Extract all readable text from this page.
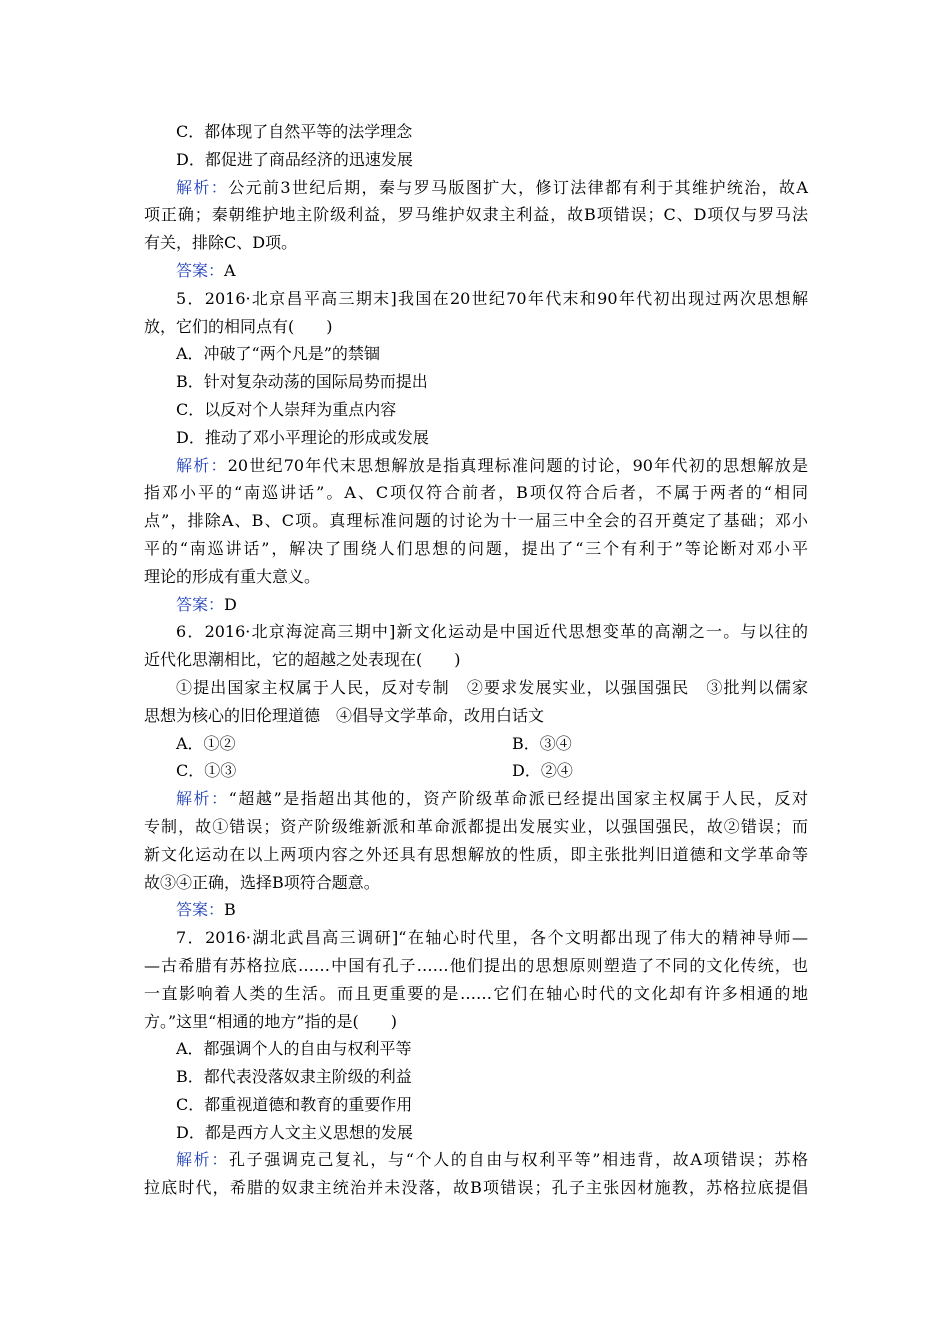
C．都体现了自然平等的法学理念
D．都促进了商品经济的迅速发展
解析：公元前3世纪后期，秦与罗马版图扩大，修订法律都有利于其维护统治，故A
项正确；秦朝维护地主阶级利益，罗马维护奴隶主利益，故B项错误；C、D项仅与罗马法
有关，排除C、D项。
答案：A
5．2016·北京昌平高三期末]我国在20世纪70年代末和90年代初出现过两次思想解
放，它们的相同点有(　　)
A．冲破了“两个凡是”的禁锢
B．针对复杂动荡的国际局势而提出
C．以反对个人崇拜为重点内容
D．推动了邓小平理论的形成或发展
解析：20世纪70年代末思想解放是指真理标准问题的讨论，90年代初的思想解放是
指邓小平的“南巡讲话”。A、C项仅符合前者，B项仅符合后者，不属于两者的“相同
点”，排除A、B、C项。真理标准问题的讨论为十一届三中全会的召开奠定了基础；邓小
平的“南巡讲话”，解决了围绕人们思想的问题，提出了“三个有利于”等论断对邓小平
理论的形成有重大意义。
答案：D
6．2016·北京海淀高三期中]新文化运动是中国近代思想变革的高潮之一。与以往的
近代化思潮相比，它的超越之处表现在(　　)
①提出国家主权属于人民，反对专制　②要求发展实业，以强国强民　③批判以儒家
思想为核心的旧伦理道德　④倡导文学革命，改用白话文
A．①②	B．③④
C．①③	D．②④
解析：“超越”是指超出其他的，资产阶级革命派已经提出国家主权属于人民，反对
专制，故①错误；资产阶级维新派和革命派都提出发展实业，以强国强民，故②错误；而
新文化运动在以上两项内容之外还具有思想解放的性质，即主张批判旧道德和文学革命等
故③④正确，选择B项符合题意。
答案：B
7．2016·湖北武昌高三调研]“在轴心时代里，各个文明都出现了伟大的精神导师—
—古希腊有苏格拉底……中国有孔子……他们提出的思想原则塑造了不同的文化传统，也
一直影响着人类的生活。而且更重要的是……它们在轴心时代的文化却有许多相通的地
方。”这里“相通的地方”指的是(　　)
A．都强调个人的自由与权利平等
B．都代表没落奴隶主阶级的利益
C．都重视道德和教育的重要作用
D．都是西方人文主义思想的发展
解析：孔子强调克己复礼，与“个人的自由与权利平等”相违背，故A项错误；苏格
拉底时代，希腊的奴隶主统治并未没落，故B项错误；孔子主张因材施教，苏格拉底提倡
